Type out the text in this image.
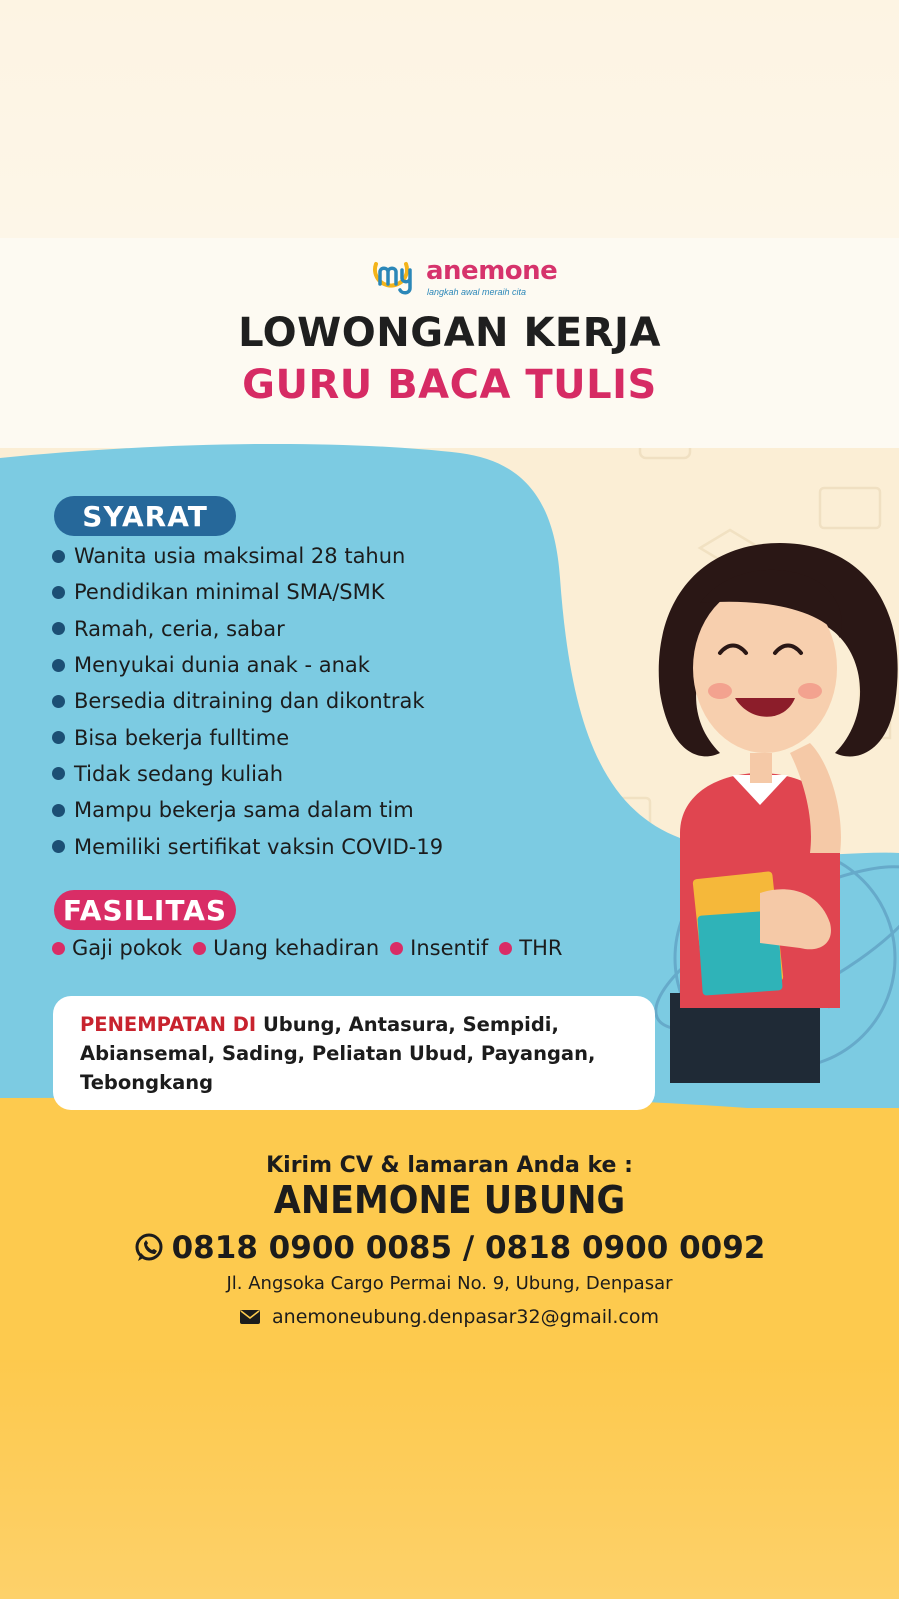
anemone
langkah awal meraih cita
LOWONGAN KERJA
GURU BACA TULIS
SYARAT
Wanita usia maksimal 28 tahun
Pendidikan minimal SMA/SMK
Ramah, ceria, sabar
Menyukai dunia anak - anak
Bersedia ditraining dan dikontrak
Bisa bekerja fulltime
Tidak sedang kuliah
Mampu bekerja sama dalam tim
Memiliki sertifikat vaksin COVID-19
FASILITAS
Gaji pokok Uang kehadiran Insentif THR
PENEMPATAN DI Ubung, Antasura, Sempidi, Abiansemal, Sading, Peliatan Ubud, Payangan, Tebongkang
Kirim CV & lamaran Anda ke :
ANEMONE UBUNG
0818 0900 0085 / 0818 0900 0092
Jl. Angsoka Cargo Permai No. 9, Ubung, Denpasar
anemoneubung.denpasar32@gmail.com
